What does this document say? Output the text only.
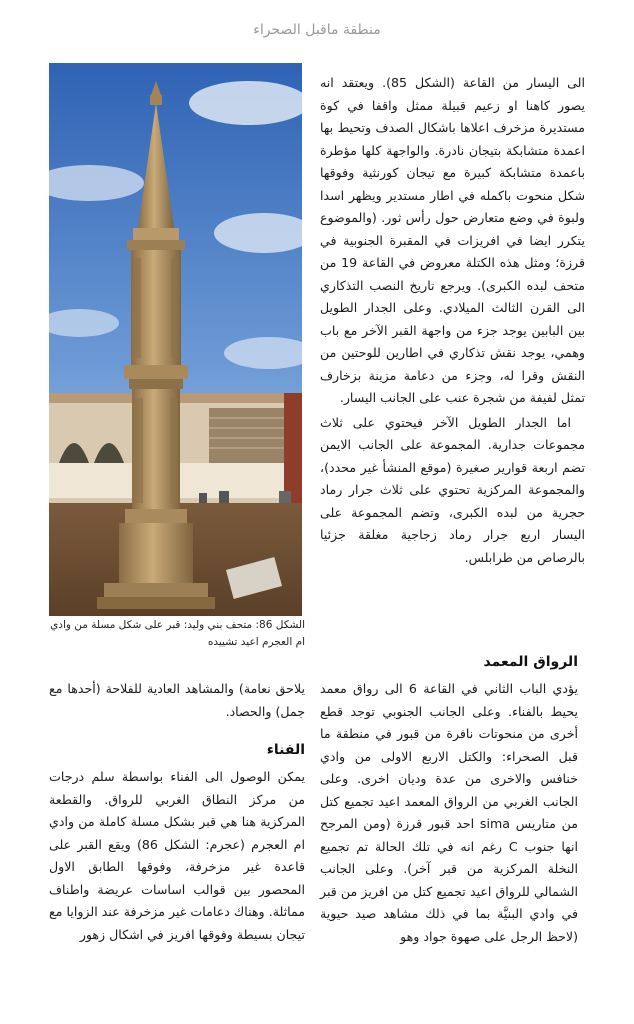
منطقة ماقبل الصحراء
الشكل 86: متحف بني وليد: قبر على شكل مسلة من وادي ام العجرم اعيد تشييده

الى اليسار من القاعة (الشكل 85). ويعتقد انه يصور كاهنا او زعيم قبيلة ممثل واقفا في كوة مستديرة مزخرف اعلاها باشكال الصدف وتحيط بها اعمدة متشابكة بتيجان نادرة. والواجهة كلها مؤطرة باعمدة متشابكة كبيرة مع تيجان كورنثية وفوقها شكل منحوت باكمله في اطار مستدير ويظهر اسدا ولبوة في وضع متعارض حول رأس ثور. (والموضوع يتكرر ايضا في افريزات في المقبرة الجنوبية في قرزة؛ ومثل هذه الكتلة معروض في القاعة 19 من متحف لبده الكبرى). ويرجع تاريخ النصب التذكاري الى القرن الثالث الميلادي. وعلى الجدار الطويل بين البابين يوجد جزء من واجهة القبر الآخر مع باب وهمي، يوجد نقش تذكاري في اطارين للوحتين من النقش وقرا له، وجزء من دعامة مزينة بزخارف تمثل لفيفة من شجرة عنب على الجانب اليسار.

اما الجدار الطويل الآخر فيحتوي على ثلاث مجموعات جدارية. المجموعة على الجانب الايمن تضم اربعة قوارير صغيرة (موقع المنشأ غير محدد)، والمجموعة المركزية تحتوي على ثلاث جرار رماد حجرية من لبده الكبرى، وتضم المجموعة على اليسار اربع جرار رماد زجاجية مغلقة جزئيا بالرصاص من طرابلس.

الرواق المعمد
يؤدي الباب الثاني في القاعة 6 الى رواق معمد يحيط بالفناء. وعلى الجانب الجنوبي توجد قطع أخرى من منحوتات نافرة من قبور في منطقة ما قبل الصحراء: والكتل الاربع الاولى من وادي خنافس والاخرى من عدة وديان اخرى. وعلى الجانب الغربي من الرواق المعمد اعيد تجميع كتل من متاريس sima احد قبور قرزة (ومن المرجح انها جنوب C رغم انه في تلك الحالة تم تجميع النخلة المركزية من قبر آخر). وعلى الجانب الشمالي للرواق اعيد تجميع كتل من افريز من قبر في وادي البنيَّة بما في ذلك مشاهد صيد حيوية (لاحظ الرجل على صهوة جواد وهو
يلاحق نعامة) والمشاهد العادية للفلاحة (أحدها مع جمل) والحصاد.
الفناء
يمكن الوصول الى الفناء بواسطة سلم درجات من مركز النطاق الغربي للرواق. والقطعة المركزية هنا هي قبر بشكل مسلة كاملة من وادي ام العجرم (عجرم: الشكل 86) ويقع القبر على قاعدة غير مزخرفة، وفوقها الطابق الاول المحصور بين قوالب اساسات عريضة واطناف مماثلة. وهناك دعامات غير مزخرفة عند الزوايا مع تيجان بسيطة وفوقها افريز في اشكال زهور
